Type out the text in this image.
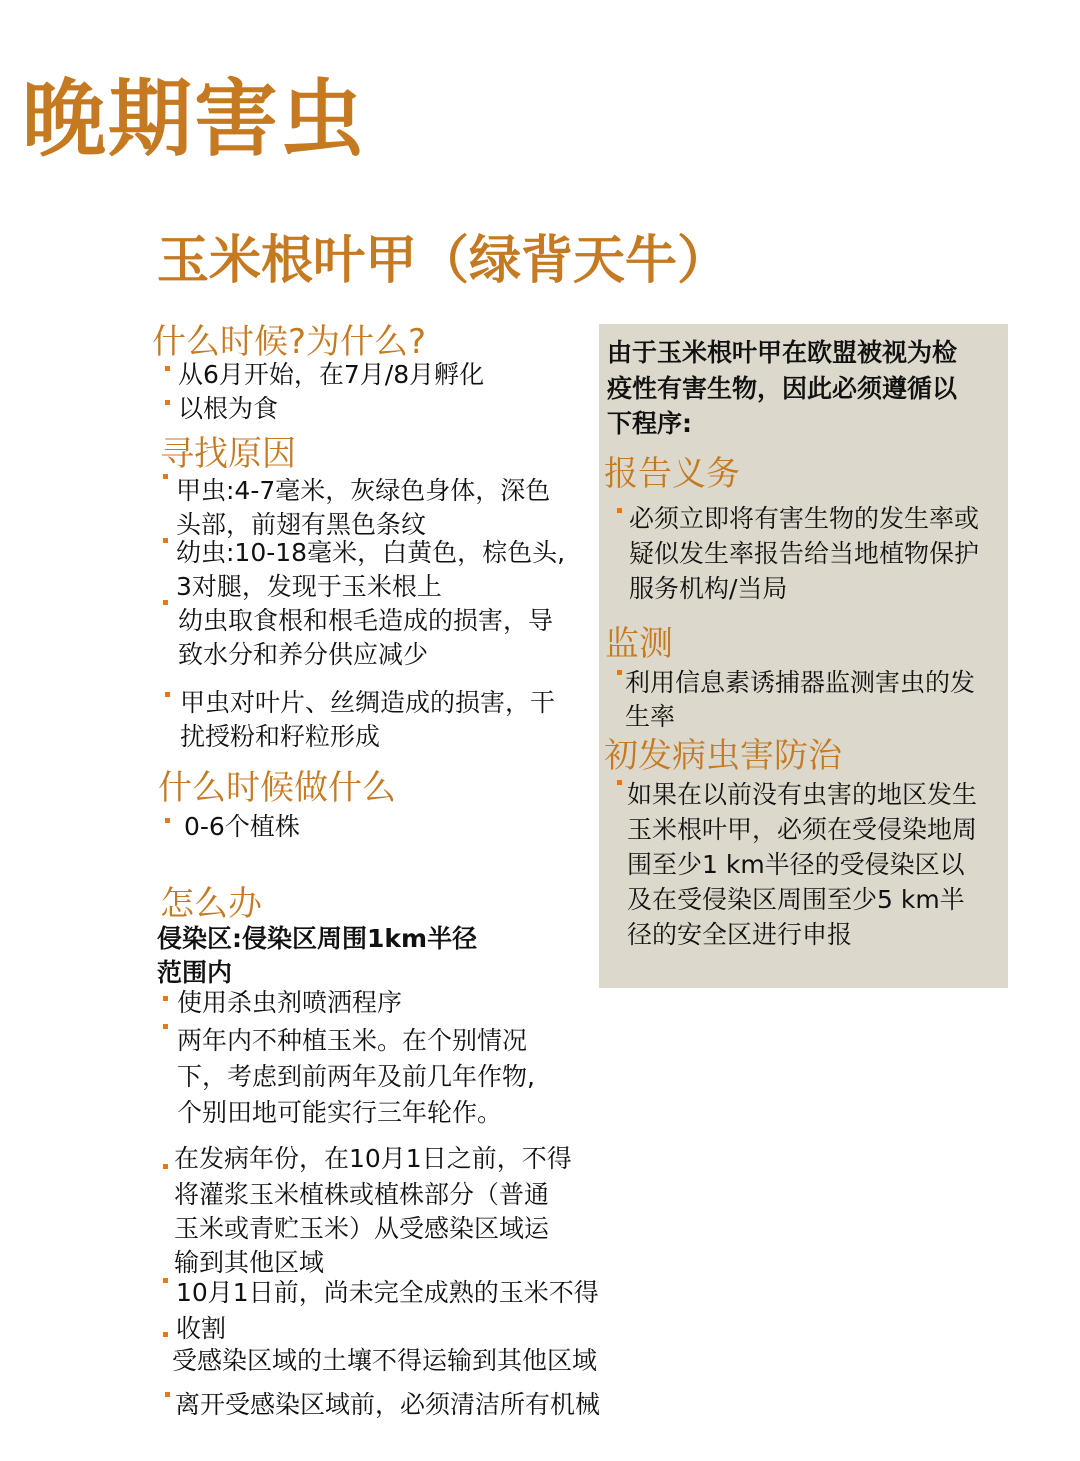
晚期害虫
玉米根叶甲（绿背天牛）
什么时候?为什么?
从6月开始，在7月/8月孵化
以根为食
寻找原因
甲虫:4-7毫米，灰绿色身体，深色
头部，前翅有黑色条纹
幼虫:10-18毫米，白黄色，棕色头,
3对腿，发现于玉米根上
幼虫取食根和根毛造成的损害，导
致水分和养分供应减少
甲虫对叶片、丝绸造成的损害，干
扰授粉和籽粒形成
什么时候做什么
0-6个植株
怎么办
侵染区:侵染区周围1km半径
范围内
使用杀虫剂喷洒程序
两年内不种植玉米。在个别情况
下，考虑到前两年及前几年作物,
个别田地可能实行三年轮作。
在发病年份，在10月1日之前，不得
将灌浆玉米植株或植株部分（普通
玉米或青贮玉米）从受感染区域运
输到其他区域
10月1日前，尚未完全成熟的玉米不得
收割
受感染区域的土壤不得运输到其他区域
离开受感染区域前，必须清洁所有机械
由于玉米根叶甲在欧盟被视为检
疫性有害生物，因此必须遵循以
下程序:
报告义务
必须立即将有害生物的发生率或
疑似发生率报告给当地植物保护
服务机构/当局
监测
利用信息素诱捕器监测害虫的发
生率
初发病虫害防治
如果在以前没有虫害的地区发生
玉米根叶甲，必须在受侵染地周
围至少1 km半径的受侵染区以
及在受侵染区周围至少5 km半
径的安全区进行申报
